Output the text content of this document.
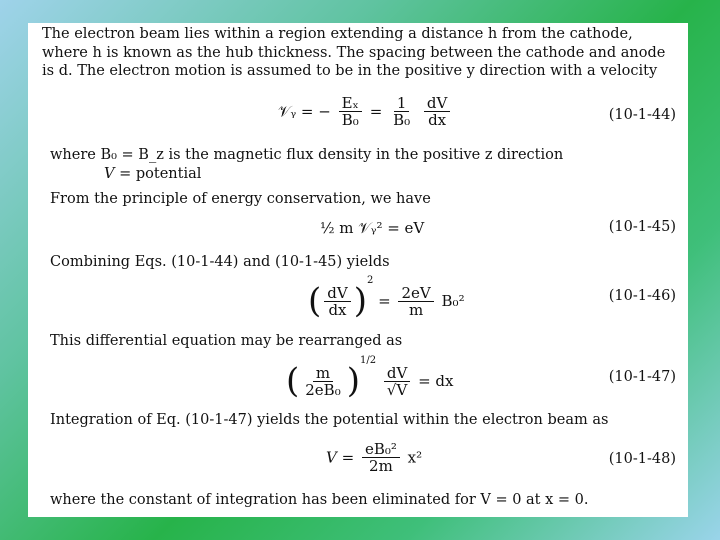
The electron beam lies within a region extending a distance h from the cathode, where h is known as the hub thickness. The spacing between the cathode and anode is d. The electron motion is assumed to be in the positive y direction with a velocity
𝒱ᵧ = − $\frac{\text{Eₓ}}{\text{B₀}} = \frac{1}{\text{B₀}}$
$\frac{dV}{dx}$	(10-1-44)
where B₀ = B_z is the magnetic flux density in the positive z direction
V = potential
From the principle of energy conservation, we have
½ m 𝒱ᵧ² = eV	(10-1-45)
Combining Eqs. (10-1-44) and (10-1-45) yields
( $\frac{dV}{dx} )^2 = \frac{2eV}{m} B_0^2$	(10-1-46)
This differential equation may be rearranged as
( $\frac{m}{\text{2eB₀}} )^{1/2}$
$\frac{dV}{√V}$ = dx	(10-1-47)
Integration of Eq. (10-1-47) yields the potential within the electron beam as
$V = \frac{\text{eB₀²}}{2m} x^2$	(10-1-48)
where the constant of integration has been eliminated for V = 0 at x = 0.
